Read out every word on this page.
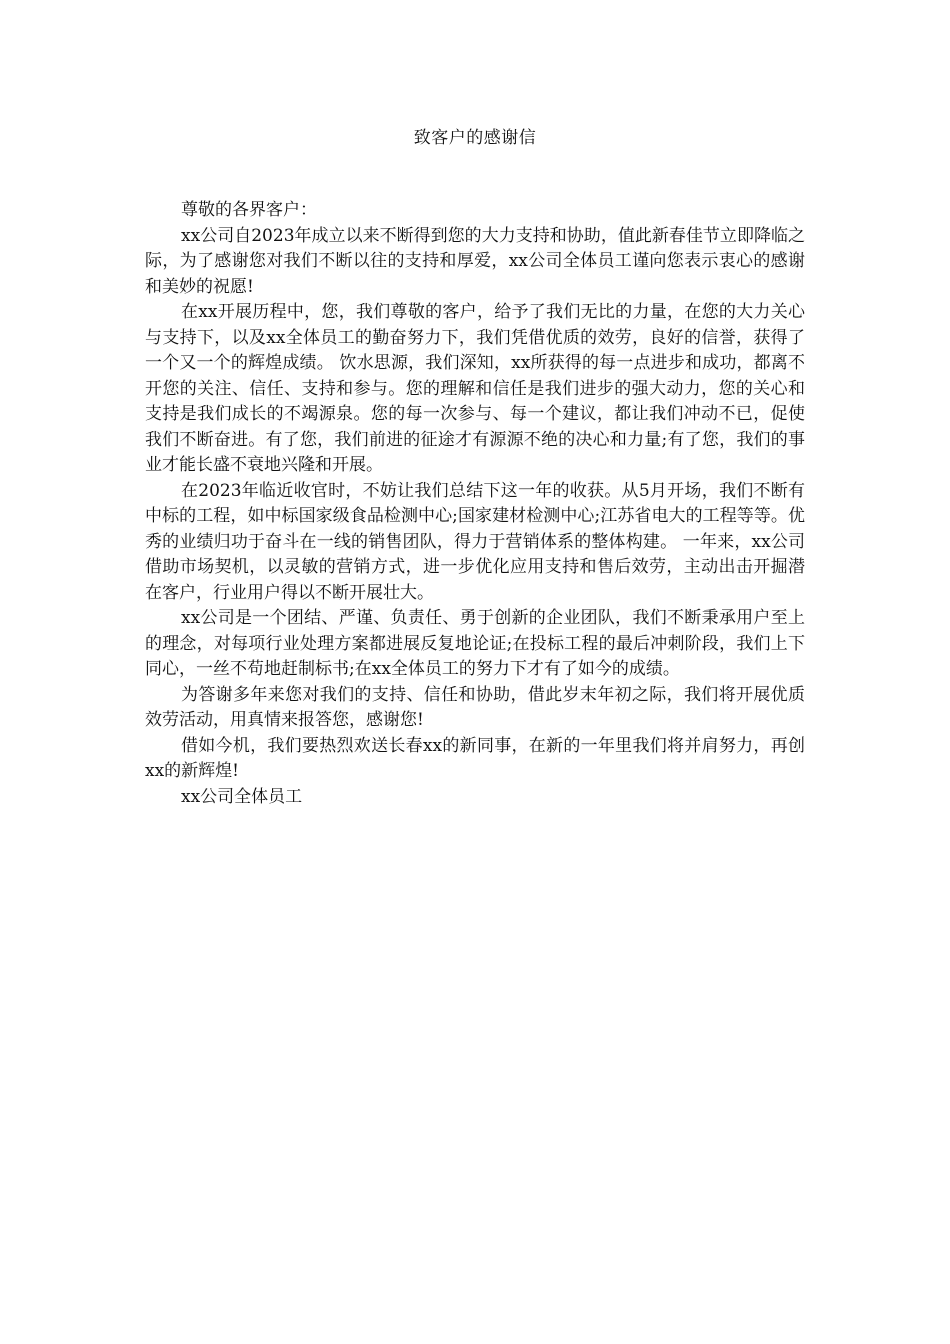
致客户的感谢信

尊敬的各界客户：

xx公司自2023年成立以来不断得到您的大力支持和协助，值此新春佳节立即降临之际，为了感谢您对我们不断以往的支持和厚爱，xx公司全体员工谨向您表示衷心的感谢和美妙的祝愿!

在xx开展历程中，您，我们尊敬的客户，给予了我们无比的力量，在您的大力关心与支持下，以及xx全体员工的勤奋努力下，我们凭借优质的效劳，良好的信誉，获得了一个又一个的辉煌成绩。 饮水思源，我们深知，xx所获得的每一点进步和成功，都离不开您的关注、信任、支持和参与。您的理解和信任是我们进步的强大动力，您的关心和支持是我们成长的不竭源泉。您的每一次参与、每一个建议，都让我们冲动不已，促使我们不断奋进。有了您，我们前进的征途才有源源不绝的决心和力量;有了您，我们的事业才能长盛不衰地兴隆和开展。

在2023年临近收官时，不妨让我们总结下这一年的收获。从5月开场，我们不断有中标的工程，如中标国家级食品检测中心;国家建材检测中心;江苏省电大的工程等等。优秀的业绩归功于奋斗在一线的销售团队，得力于营销体系的整体构建。 一年来，xx公司借助市场契机，以灵敏的营销方式，进一步优化应用支持和售后效劳，主动出击开掘潜在客户，行业用户得以不断开展壮大。

xx公司是一个团结、严谨、负责任、勇于创新的企业团队，我们不断秉承用户至上的理念，对每项行业处理方案都进展反复地论证;在投标工程的最后冲刺阶段，我们上下同心，一丝不苟地赶制标书;在xx全体员工的努力下才有了如今的成绩。

为答谢多年来您对我们的支持、信任和协助，借此岁末年初之际，我们将开展优质效劳活动，用真情来报答您，感谢您!

借如今机，我们要热烈欢送长春xx的新同事，在新的一年里我们将并肩努力，再创xx的新辉煌!

xx公司全体员工
